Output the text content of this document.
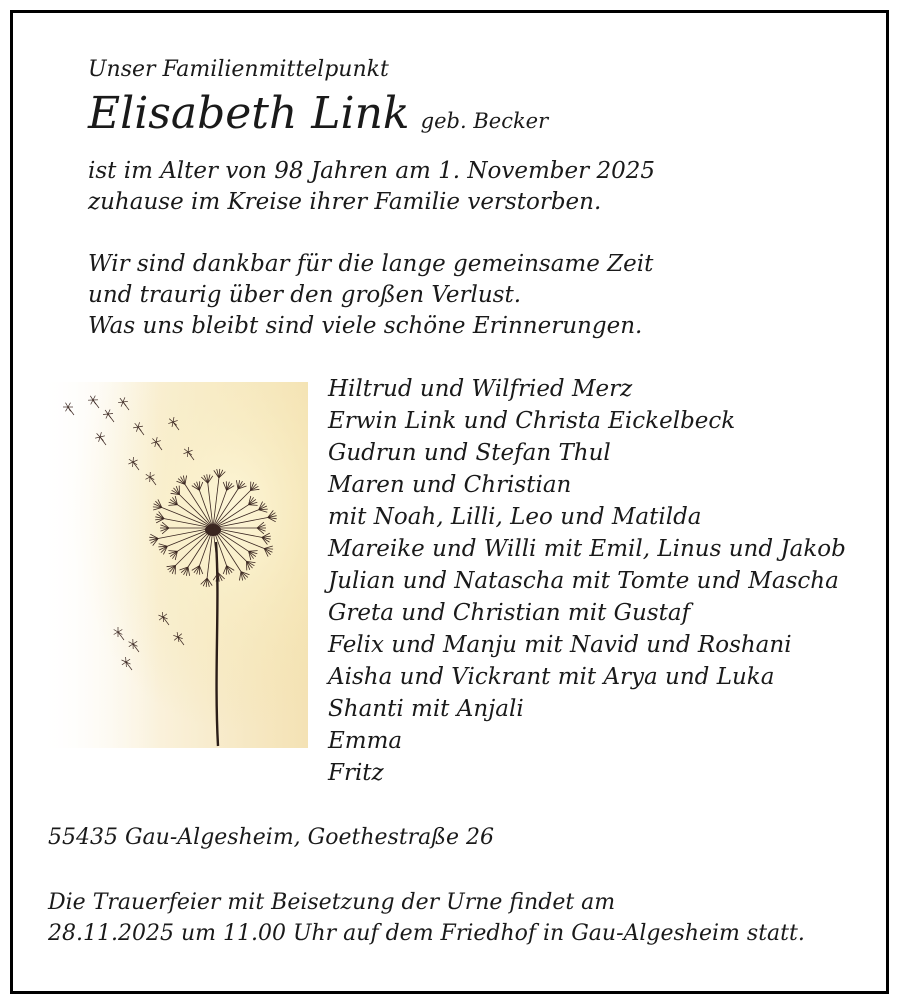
Unser Familienmittelpunkt
Elisabeth Link geb. Becker
ist im Alter von 98 Jahren am 1. November 2025
zuhause im Kreise ihrer Familie verstorben.
Wir sind dankbar für die lange gemeinsame Zeit
und traurig über den großen Verlust.
Was uns bleibt sind viele schöne Erinnerungen.
Hiltrud und Wilfried Merz
Erwin Link und Christa Eickelbeck
Gudrun und Stefan Thul
Maren und Christian
mit Noah, Lilli, Leo und Matilda
Mareike und Willi mit Emil, Linus und Jakob
Julian und Natascha mit Tomte und Mascha
Greta und Christian mit Gustaf
Felix und Manju mit Navid und Roshani
Aisha und Vickrant mit Arya und Luka
Shanti mit Anjali
Emma
Fritz
55435 Gau-Algesheim, Goethestraße 26
Die Trauerfeier mit Beisetzung der Urne findet am
28.11.2025 um 11.00 Uhr auf dem Friedhof in Gau-Algesheim statt.
